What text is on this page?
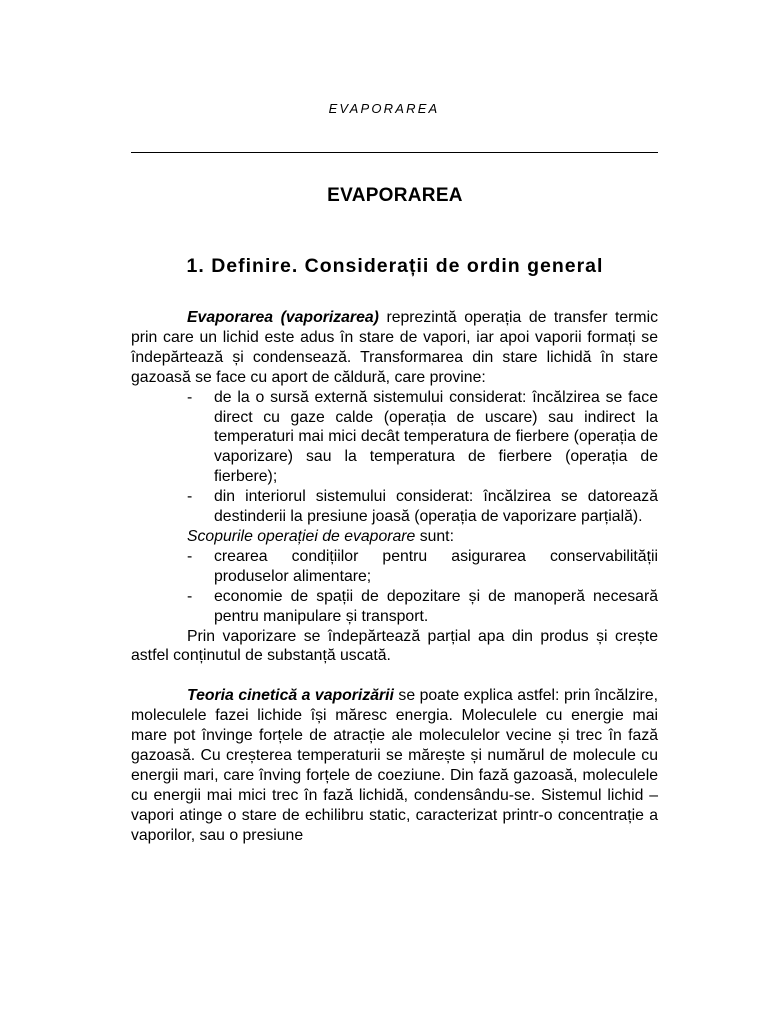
EVAPORAREA
EVAPORAREA
1. Definire. Considerații de ordin general

Evaporarea (vaporizarea) reprezintă operația de transfer termic prin care un lichid este adus în stare de vapori, iar apoi vaporii formați se îndepărtează și condensează. Transformarea din stare lichidă în stare gazoasă se face cu aport de căldură, care provine:

- de la o sursă externă sistemului considerat: încălzirea se face direct cu gaze calde (operația de uscare) sau indirect la temperaturi mai mici decât temperatura de fierbere (operația de vaporizare) sau la temperatura de fierbere (operația de fierbere);

- din interiorul sistemului considerat: încălzirea se datorează destinderii la presiune joasă (operația de vaporizare parțială).

Scopurile operației de evaporare sunt:

- crearea condițiilor pentru asigurarea conservabilității produselor alimentare;

- economie de spații de depozitare și de manoperă necesară pentru manipulare și transport.

Prin vaporizare se îndepărtează parțial apa din produs și crește astfel conținutul de substanță uscată.

Teoria cinetică a vaporizării se poate explica astfel: prin încălzire, moleculele fazei lichide își măresc energia. Moleculele cu energie mai mare pot învinge forțele de atracție ale moleculelor vecine și trec în fază gazoasă. Cu creșterea temperaturii se mărește și numărul de molecule cu energii mari, care înving forțele de coeziune. Din fază gazoasă, moleculele cu energii mai mici trec în fază lichidă, condensându-se. Sistemul lichid – vapori atinge o stare de echilibru static, caracterizat printr-o concentrație a vaporilor, sau o presiune
